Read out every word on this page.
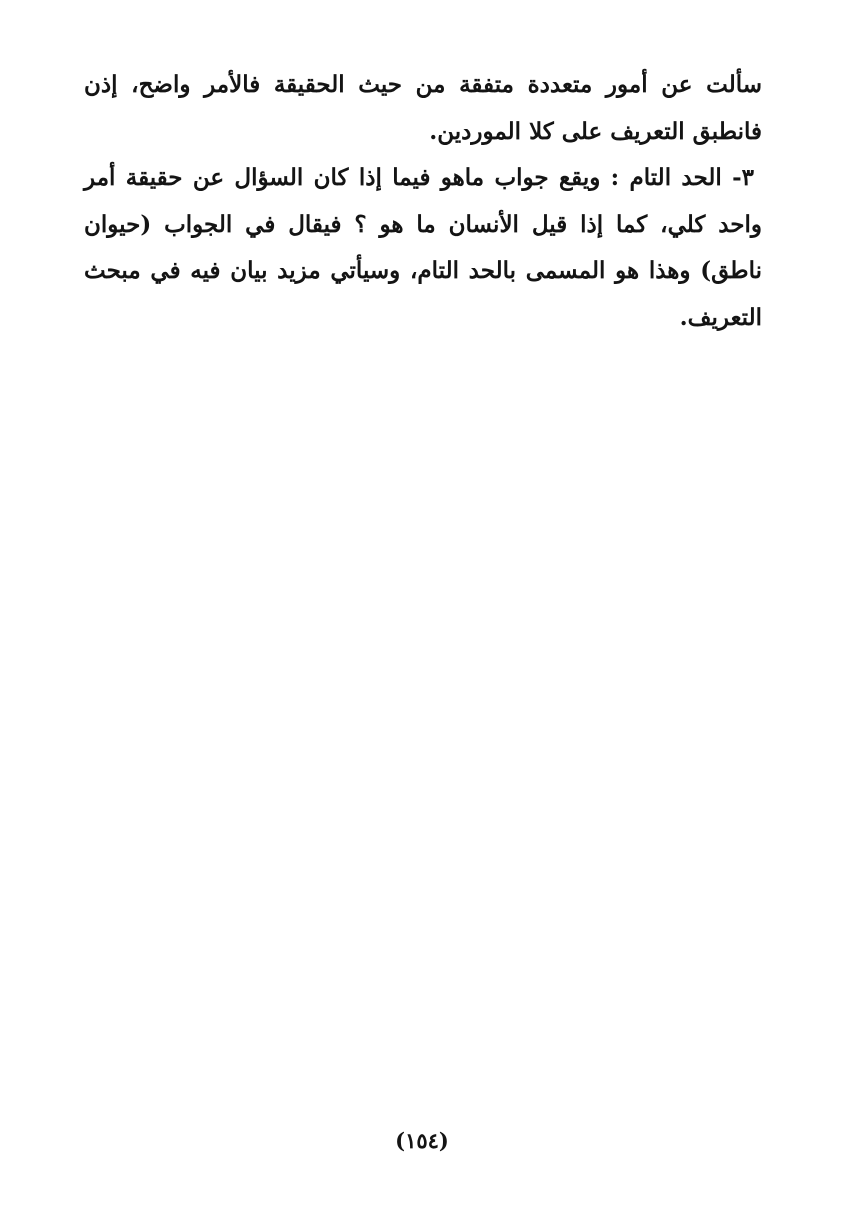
سألت عن أمور متعددة متفقة من حيث الحقيقة فالأمر واضح، إذن فانطبق التعريف على كلا الموردين.

٣- الحد التام : ويقع جواب ماهو فيما إذا كان السؤال عن حقيقة أمر واحد كلي، كما إذا قيل الأنسان ما هو ؟ فيقال في الجواب (حيوان ناطق) وهذا هو المسمى بالحد التام، وسيأتي مزيد بيان فيه في مبحث التعريف.

(١٥٤)
